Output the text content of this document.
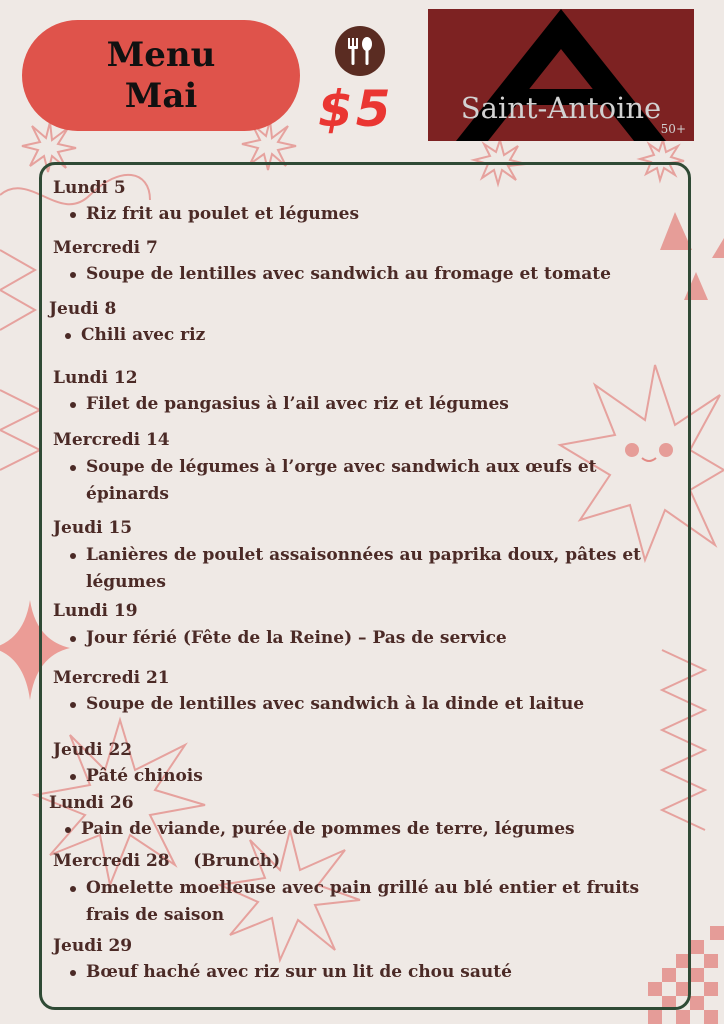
Menu
Mai $5	Saint-Antoine
50+
Lundi 5
Riz frit au poulet et légumes
Mercredi 7
Soupe de lentilles avec sandwich au fromage et tomate
Jeudi 8
Chili avec riz
Lundi 12
Filet de pangasius à l’ail avec riz et légumes
Mercredi 14
Soupe de légumes à l’orge avec sandwich aux œufs et épinards
Jeudi 15
Lanières de poulet assaisonnées au paprika doux, pâtes et légumes
Lundi 19
Jour férié (Fête de la Reine) – Pas de service
Mercredi 21
Soupe de lentilles avec sandwich à la dinde et laitue
Jeudi 22
Pâté chinois
Lundi 26
Pain de viande, purée de pommes de terre, légumes
Mercredi 28    (Brunch)
Omelette moelleuse avec pain grillé au blé entier et fruits frais de saison
Jeudi 29
Bœuf haché avec riz sur un lit de chou sauté
